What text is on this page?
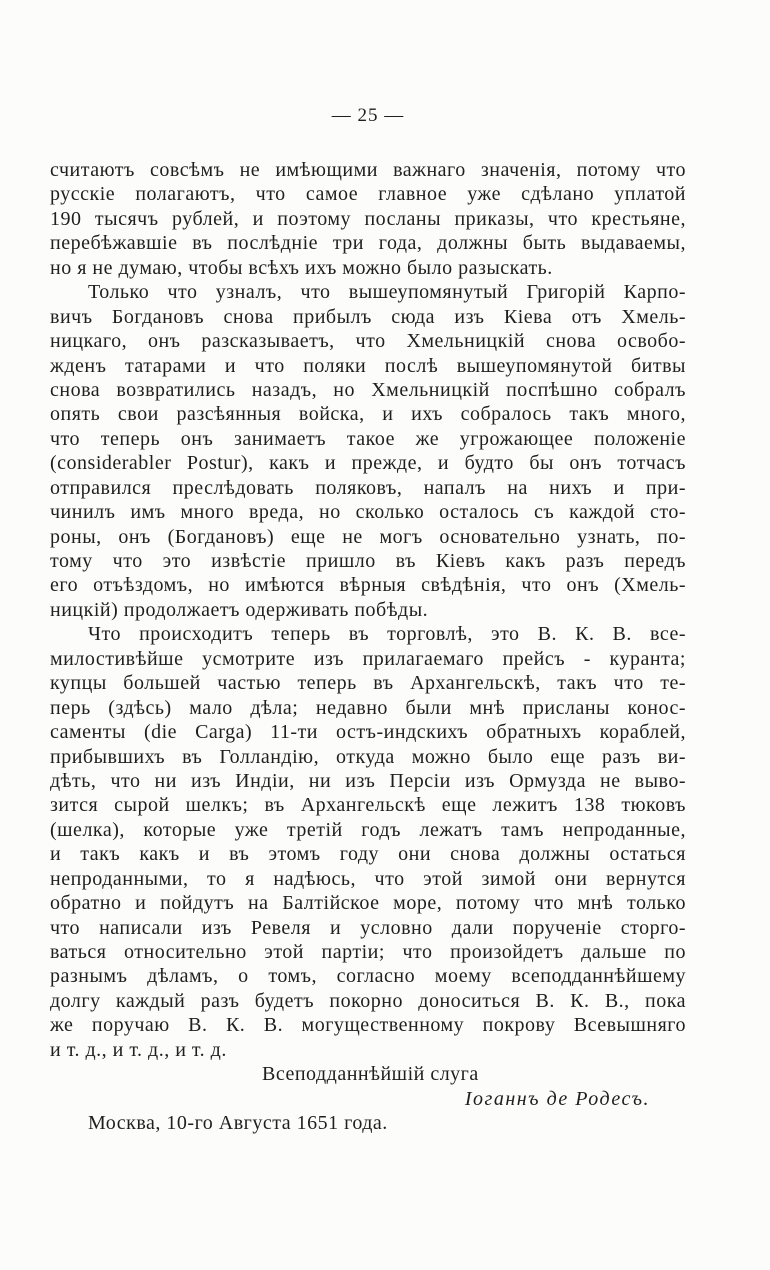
— 25 —
считаютъ совсѣмъ не имѣющими важнаго значенія, потому что
русскіе полагаютъ, что самое главное уже сдѣлано уплатой
190 тысячъ рублей, и поэтому посланы приказы, что крестьяне,
перебѣжавшіе въ послѣдніе три года, должны быть выдаваемы,
но я не думаю, чтобы всѣхъ ихъ можно было разыскать.
Только что узналъ, что вышеупомянутый Григорій Карпо-
вичъ Богдановъ снова прибылъ сюда изъ Кіева отъ Хмель-
ницкаго, онъ разсказываетъ, что Хмельницкій снова освобо-
жденъ татарами и что поляки послѣ вышеупомянутой битвы
снова возвратились назадъ, но Хмельницкій поспѣшно собралъ
опять свои разсѣянныя войска, и ихъ собралось такъ много,
что теперь онъ занимаетъ такое же угрожающее положеніе
(considerabler Postur), какъ и прежде, и будто бы онъ тотчасъ
отправился преслѣдовать поляковъ, напалъ на нихъ и при-
чинилъ имъ много вреда, но сколько осталось съ каждой сто-
роны, онъ (Богдановъ) еще не могъ основательно узнать, по-
тому что это извѣстіе пришло въ Кіевъ какъ разъ передъ
его отъѣздомъ, но имѣются вѣрныя свѣдѣнія, что онъ (Хмель-
ницкій) продолжаетъ одерживать побѣды.
Что происходитъ теперь въ торговлѣ, это В. К. В. все-
милостивѣйше усмотрите изъ прилагаемаго прейсъ - куранта;
купцы большей частью теперь въ Архангельскѣ, такъ что те-
перь (здѣсь) мало дѣла; недавно были мнѣ присланы конос-
саменты (die Carga) 11-ти остъ-индскихъ обратныхъ кораблей,
прибывшихъ въ Голландію, откуда можно было еще разъ ви-
дѣть, что ни изъ Индіи, ни изъ Персіи изъ Ормузда не выво-
зится сырой шелкъ; въ Архангельскѣ еще лежитъ 138 тюковъ
(шелка), которые уже третій годъ лежатъ тамъ непроданные,
и такъ какъ и въ этомъ году они снова должны остаться
непроданными, то я надѣюсь, что этой зимой они вернутся
обратно и пойдутъ на Балтійское море, потому что мнѣ только
что написали изъ Ревеля и условно дали порученіе сторго-
ваться относительно этой партіи; что произойдетъ дальше по
разнымъ дѣламъ, о томъ, согласно моему всеподданнѣйшему
долгу каждый разъ будетъ покорно доноситься В. К. В., пока
же поручаю В. К. В. могущественному покрову Всевышняго
и т. д., и т. д., и т. д.
Всеподданнѣйшій слуга
Іоганнъ де Родесъ.
Москва, 10-го Августа 1651 года.
